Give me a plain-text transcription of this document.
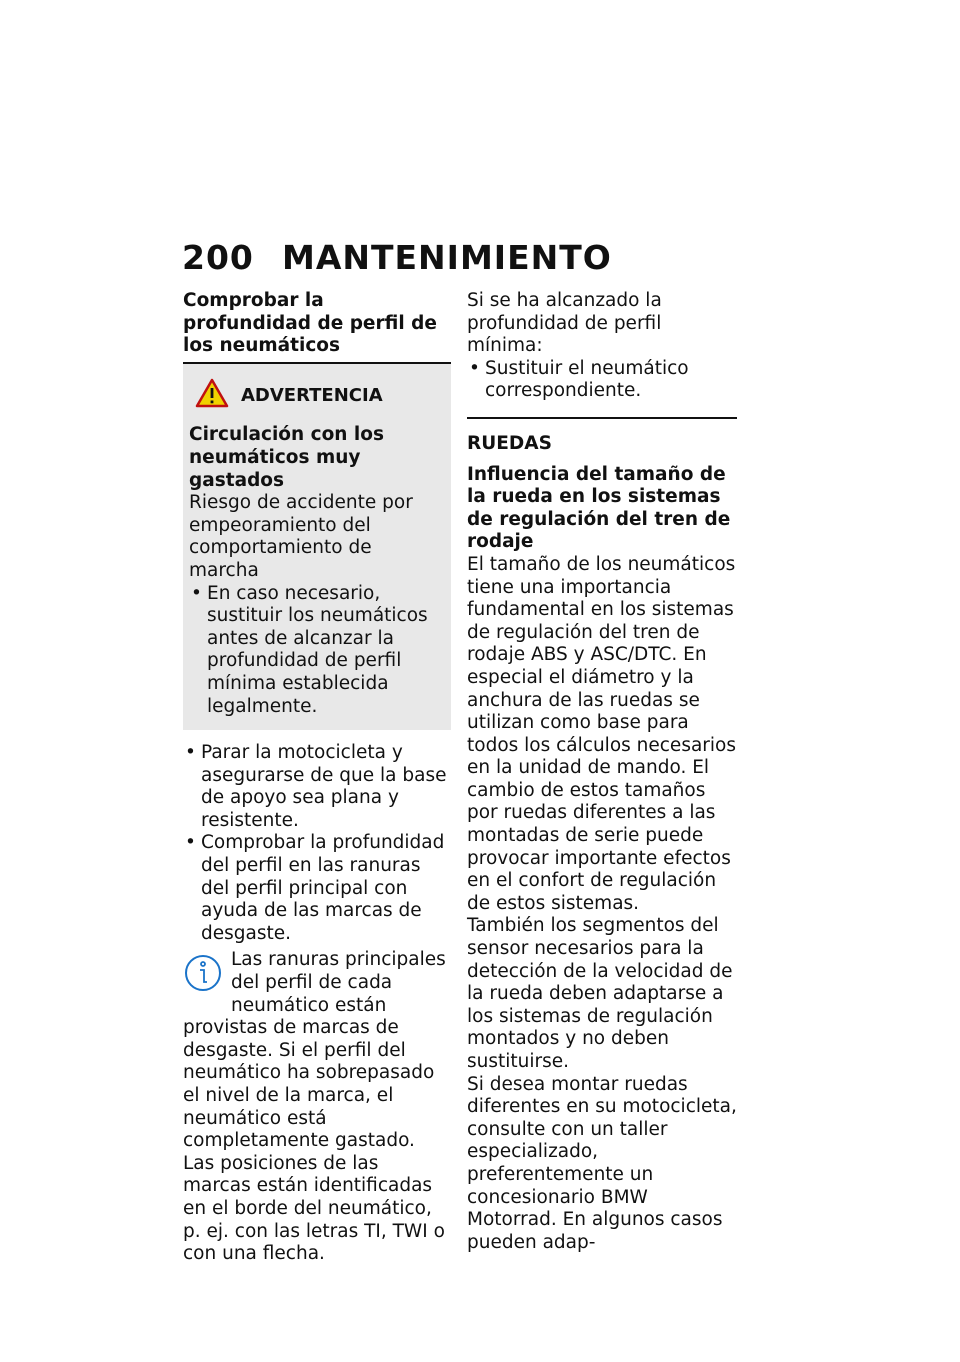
200 MANTENIMIENTO

Comprobar la profundidad de perfil de los neumáticos

ADVERTENCIA

Circulación con los neumáticos muy gastados

Riesgo de accidente por empeoramiento del comportamiento de marcha

• En caso necesario, sustituir los neumáticos antes de alcanzar la profundidad de perfil mínima establecida legalmente.
• Parar la motocicleta y asegurarse de que la base de apoyo sea plana y resistente.
• Comprobar la profundidad del perfil en las ranuras del perfil principal con ayuda de las marcas de desgaste.

Las ranuras principales del perfil de cada neumático están provistas de marcas de desgaste. Si el perfil del neumático ha sobrepasado el nivel de la marca, el neumático está completamente gastado. Las posiciones de las marcas están identificadas en el borde del neumático, p. ej. con las letras TI, TWI o con una flecha.

Si se ha alcanzado la profundidad de perfil mínima:

• Sustituir el neumático correspondiente.

RUEDAS

Influencia del tamaño de la rueda en los sistemas de regulación del tren de rodaje

El tamaño de los neumáticos tiene una importancia fundamental en los sistemas de regulación del tren de rodaje ABS y ASC/DTC. En especial el diámetro y la anchura de las ruedas se utilizan como base para todos los cálculos necesarios en la unidad de mando. El cambio de estos tamaños por ruedas diferentes a las montadas de serie puede provocar importante efectos en el confort de regulación de estos sistemas.

También los segmentos del sensor necesarios para la detección de la velocidad de la rueda deben adaptarse a los sistemas de regulación montados y no deben sustituirse.

Si desea montar ruedas diferentes en su motocicleta, consulte con un taller especializado, preferentemente un concesionario BMW Motorrad. En algunos casos pueden adap-
